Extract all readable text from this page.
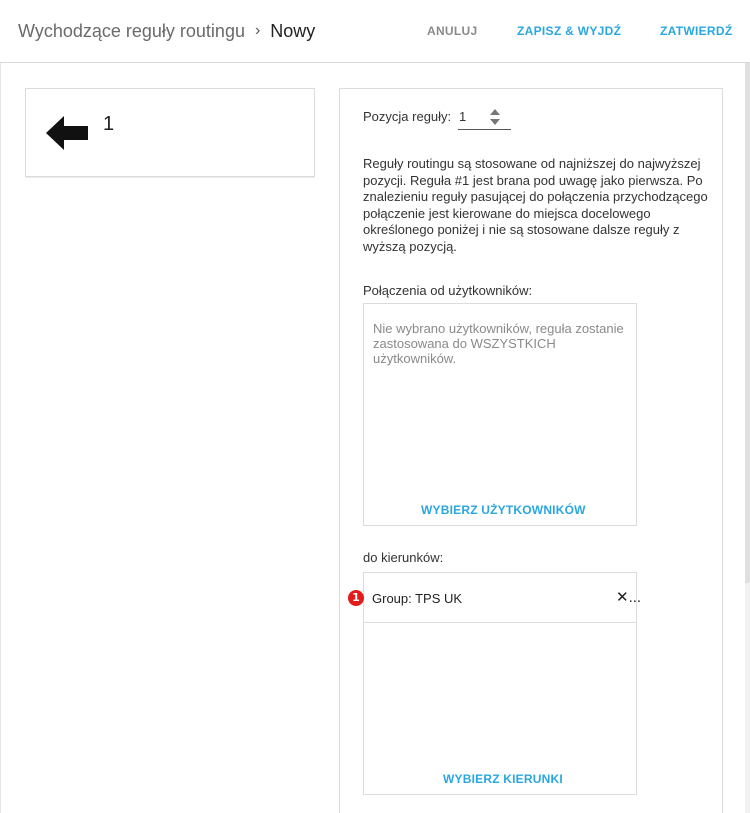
Wychodzące reguły routingu › Nowy	ANULUJ	ZAPISZ & WYJDŹ	ZATWIERDŹ
1	Pozycja reguły: 1

Reguły routingu są stosowane od najniższej do najwyższej pozycji. Reguła #1 jest brana pod uwagę jako pierwsza. Po znalezieniu reguły pasującej do połączenia przychodzącego połączenie jest kierowane do miejsca docelowego określonego poniżej i nie są stosowane dalsze reguły z wyższą pozycją.

Połączenia od użytkowników:

Nie wybrano użytkowników, reguła zostanie zastosowana do WSZYSTKICH użytkowników.

WYBIERZ UŻYTKOWNIKÓW
do kierunków:
Group: TPS UK	✕...
WYBIERZ KIERUNKI
1
